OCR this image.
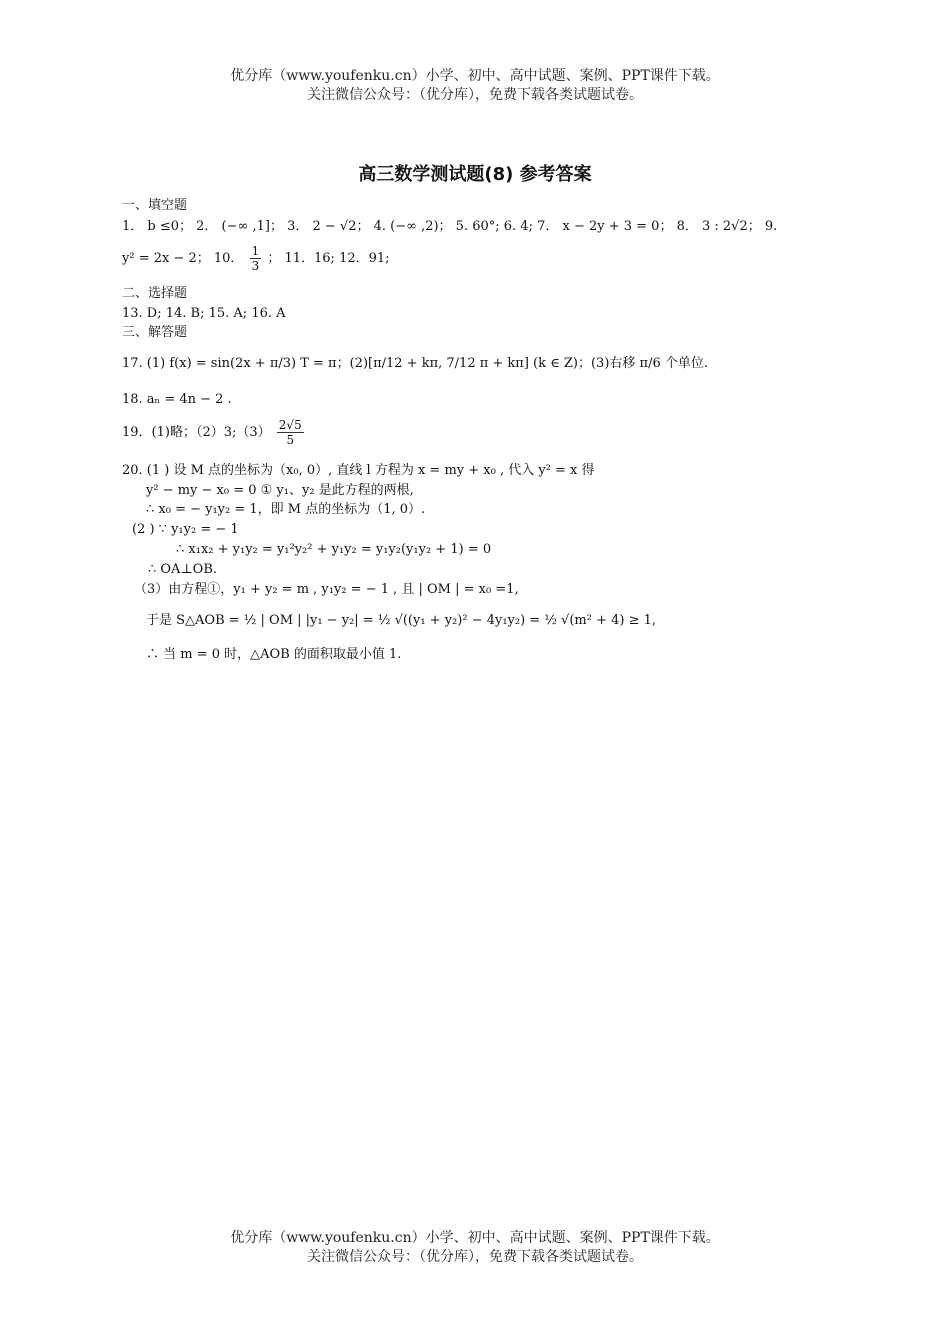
优分库（www.youfenku.cn）小学、初中、高中试题、案例、PPT课件下载。
关注微信公众号：（优分库），免费下载各类试题试卷。
高三数学测试题(8) 参考答案
一、填空题
1． b ≤0； 2． (−∞ ,1]； 3． 2 − √2； 4. (−∞ ,2)； 5. 60°; 6. 4; 7． x − 2y + 3 = 0； 8． 3 : 2√2； 9.
y² = 2x − 2； 10． $\frac{1}{3}$ ； 11．16; 12．91;
二、选择题
13. D; 14. B; 15. A; 16. A
三、解答题
17. (1) f(x) = sin(2x + π/3) T = π；(2)[π/12 + kπ, 7/12 π + kπ] (k ∈ Z)；(3)右移 π/6 个单位.
18. aₙ = 4n − 2 .
19．(1)略；（2）3;（3） $\frac{2√5}{5}$
20. (1 ) 设 M 点的坐标为（x₀, 0）, 直线 l 方程为 x = my + x₀ , 代入 y² = x 得
y² − my − x₀ = 0 ① y₁、y₂ 是此方程的两根,
∴ x₀ = − y₁y₂ = 1，即 M 点的坐标为（1, 0）.
(2 ) ∵ y₁y₂ = − 1
∴ x₁x₂ + y₁y₂ = y₁²y₂² + y₁y₂ = y₁y₂(y₁y₂ + 1) = 0
∴ OA⊥OB.
（3）由方程①，y₁ + y₂ = m , y₁y₂ = − 1 , 且 | OM | = x₀ =1,
于是 S△AOB = ½ | OM | |y₁ − y₂| = ½ √((y₁ + y₂)² − 4y₁y₂) = ½ √(m² + 4) ≥ 1,
∴ 当 m = 0 时，△AOB 的面积取最小值 1.
优分库（www.youfenku.cn）小学、初中、高中试题、案例、PPT课件下载。
关注微信公众号：（优分库），免费下载各类试题试卷。
